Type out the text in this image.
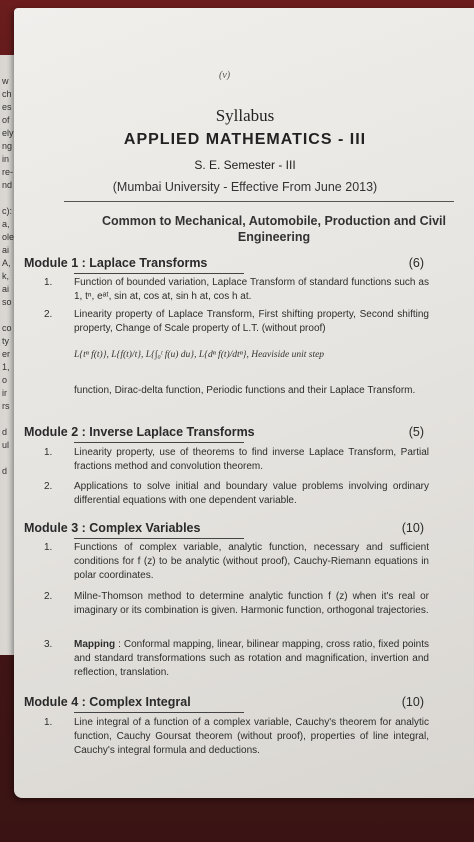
w
ch
es
of
ely
ng
in
re-
nd
c):
a,
ole
ai
A,
k,
ai
so
co
ty
er
1,
o
ir
rs
d
ul
d
(v)
Syllabus
APPLIED MATHEMATICS - III
S. E. Semester - III
(Mumbai University - Effective From June 2013)
Common to Mechanical, Automobile, Production and Civil Engineering
Module 1 : Laplace Transforms	(6)
1. Function of bounded variation, Laplace Transform of standard functions such as 1, tⁿ, eᵃᵗ, sin at, cos at, sin h at, cos h at.
2. Linearity property of Laplace Transform, First shifting property, Second shifting property, Change of Scale property of L.T. (without proof)
L{tⁿ f(t)}, L{f(t)/t}, L{∫₀ᵗ f(u) du}, L{dⁿ f(t)/dtⁿ}, Heaviside unit step
function, Dirac-delta function, Periodic functions and their Laplace Transform.
Module 2 : Inverse Laplace Transforms	(5)
1. Linearity property, use of theorems to find inverse Laplace Transform, Partial fractions method and convolution theorem.
2. Applications to solve initial and boundary value problems involving ordinary differential equations with one dependent variable.
Module 3 : Complex Variables	(10)
1. Functions of complex variable, analytic function, necessary and sufficient conditions for f (z) to be analytic (without proof), Cauchy-Riemann equations in polar coordinates.
2. Milne-Thomson method to determine analytic function f (z) when it's real or imaginary or its combination is given. Harmonic function, orthogonal trajectories.
3. Mapping : Conformal mapping, linear, bilinear mapping, cross ratio, fixed points and standard transformations such as rotation and magnification, invertion and reflection, translation.
Module 4 : Complex Integral	(10)
1. Line integral of a function of a complex variable, Cauchy's theorem for analytic function, Cauchy Goursat theorem (without proof), properties of line integral, Cauchy's integral formula and deductions.
